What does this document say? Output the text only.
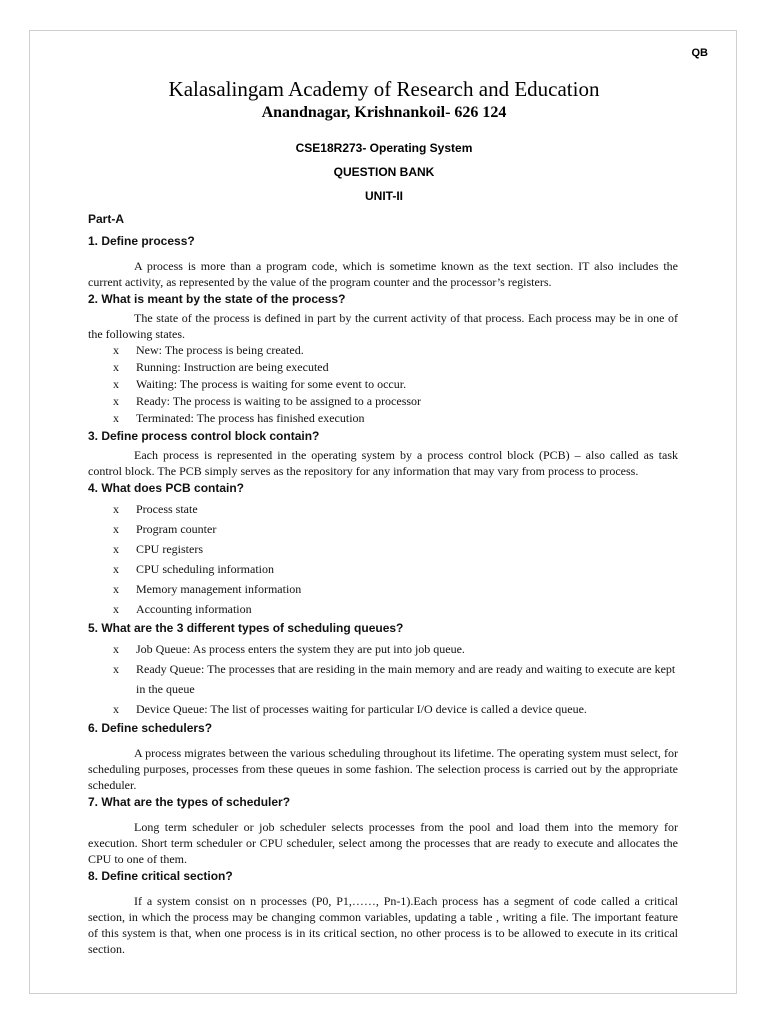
QB
Kalasalingam Academy of Research and Education
Anandnagar, Krishnankoil- 626 124
CSE18R273- Operating System
QUESTION BANK
UNIT-II
Part-A
1. Define process?

A process is more than a program code, which is sometime known as the text section. IT also includes the current activity, as represented by the value of the program counter and the processor’s registers.

2. What is meant by the state of the process?

The state of the process is defined in part by the current activity of that process. Each process may be in one of the following states.

x New: The process is being created.
x Running: Instruction are being executed
x Waiting: The process is waiting for some event to occur.
x Ready: The process is waiting to be assigned to a processor
x Terminated: The process has finished execution
3. Define process control block contain?

Each process is represented in the operating system by a process control block (PCB) – also called as task control block. The PCB simply serves as the repository for any information that may vary from process to process.

4. What does PCB contain?
x Process state
x Program counter
x CPU registers
x CPU scheduling information
x Memory management information
x Accounting information
5. What are the 3 different types of scheduling queues?
x Job Queue: As process enters the system they are put into job queue.
x Ready Queue: The processes that are residing in the main memory and are ready and waiting to execute are kept in the queue
x Device Queue: The list of processes waiting for particular I/O device is called a device queue.
6. Define schedulers?

A process migrates between the various scheduling throughout its lifetime. The operating system must select, for scheduling purposes, processes from these queues in some fashion. The selection process is carried out by the appropriate scheduler.

7. What are the types of scheduler?

Long term scheduler or job scheduler selects processes from the pool and load them into the memory for execution. Short term scheduler or CPU scheduler, select among the processes that are ready to execute and allocates the CPU to one of them.

8. Define critical section?

If a system consist on n processes (P0, P1,……, Pn-1).Each process has a segment of code called a critical section, in which the process may be changing common variables, updating a table , writing a file. The important feature of this system is that, when one process is in its critical section, no other process is to be allowed to execute in its critical section.
